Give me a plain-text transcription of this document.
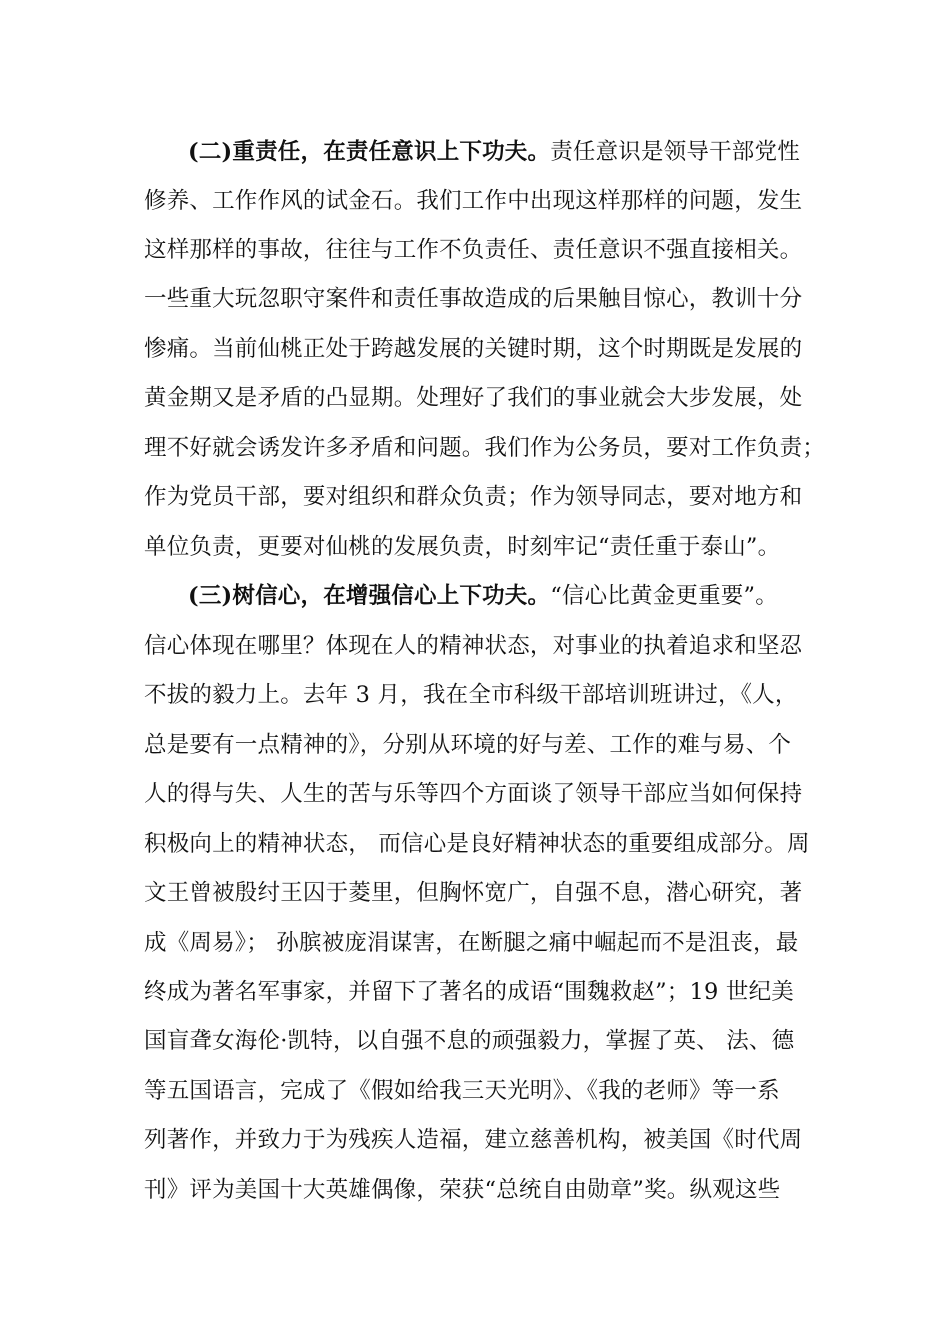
(二)重责任，在责任意识上下功夫。责任意识是领导干部党性
修养、工作作风的试金石。我们工作中出现这样那样的问题，发生
这样那样的事故，往往与工作不负责任、责任意识不强直接相关。
一些重大玩忽职守案件和责任事故造成的后果触目惊心，教训十分
惨痛。当前仙桃正处于跨越发展的关键时期，这个时期既是发展的
黄金期又是矛盾的凸显期。处理好了我们的事业就会大步发展，处
理不好就会诱发许多矛盾和问题。我们作为公务员，要对工作负责；
作为党员干部，要对组织和群众负责；作为领导同志，要对地方和
单位负责，更要对仙桃的发展负责，时刻牢记“责任重于泰山”。
(三)树信心，在增强信心上下功夫。“信心比黄金更重要”。
信心体现在哪里？体现在人的精神状态，对事业的执着追求和坚忍
不拔的毅力上。去年 3 月，我在全市科级干部培训班讲过，《人，
总是要有一点精神的》，分别从环境的好与差、工作的难与易、个
人的得与失、人生的苦与乐等四个方面谈了领导干部应当如何保持
积极向上的精神状态， 而信心是良好精神状态的重要组成部分。周
文王曾被殷纣王囚于菱里，但胸怀宽广，自强不息，潜心研究，著
成《周易》； 孙膑被庞涓谋害，在断腿之痛中崛起而不是沮丧，最
终成为著名军事家，并留下了著名的成语“围魏救赵”；19 世纪美
国盲聋女海伦·凯特，以自强不息的顽强毅力，掌握了英、 法、德
等五国语言，完成了《假如给我三天光明》、《我的老师》等一系
列著作，并致力于为残疾人造福，建立慈善机构，被美国《时代周
刊》评为美国十大英雄偶像，荣获“总统自由勋章”奖。纵观这些
